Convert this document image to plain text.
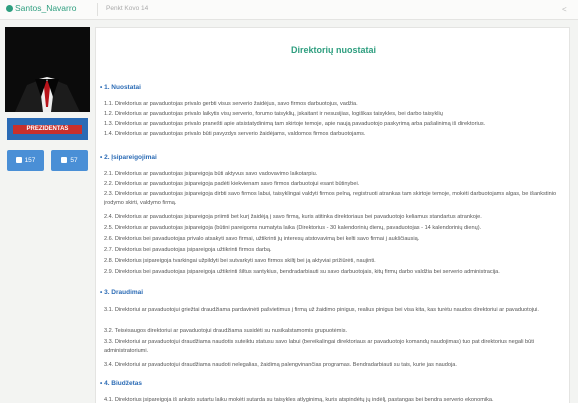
Santos_Navarro	Penkt Kovo 14	<
PREZIDENTAS
157	57
Direktorių nuostatai
• 1. Nuostatai
1.1. Direktorius ar pavaduotojas privalo gerbti visus serverio žaidėjus, savo firmos darbuotojus, vadžia.
1.2. Direktorius ar pavaduotojas privalo laikytis visų serverio, forumo taisyklių, įskaitant ir nesusijias, logiškas taisykles, bei darbo taisyklių
1.3. Direktorius ar pavaduotojas privalo pranešti apie atsistatydinimą tam skirtoje temoje, apie naują pavaduotojo paskyrimą arba pašalinimą iš direktorius.
1.4. Direktorius ar pavaduotojas privalo būti pavyzdys serverio žaidėjams, valdomos firmos darbuotojams.
• 2. Įsipareigojimai
2.1. Direktorius ar pavaduotojas įsipareigoja būti aktyvus savo vadovavimo laikotarpiu.
2.2. Direktorius ar pavaduotojas įsipareigoja padėti kiekvienam savo firmos darbuotojui esant būtinybei.
2.3. Direktorius ar pavaduotojas įsipareigoja dirbti savo firmos labui, taisyklingai valdyti firmos pelną, registruoti atrankas tam skirtoje temoje, mokėti darbuotojams algas, be išankstinio įrodymo skirti, valdymo firmą.
2.4. Direktorius ar pavaduotojas įsipareigoja priimti bet kurį žaidėją į savo firmą, kuris atitinka direktoriaus bei pavaduotojo keliamus standartus atrankoje.
2.5. Direktorius ar pavaduotojas įsipareigoja (būtini pareigoms numatyta laika (Direktorius - 30 kalendorinių dienų, pavaduotojas - 14 kalendorinių dienų).
2.6. Direktorius bei pavaduotojas privalo atsakyti savo firmai, užtikrinti jų interesų atstovavimą bei kelti savo firmai j aukščiausią.
2.7. Direktorius bei pavaduotojas įsipareigoja užtikrinti firmos darbą.
2.8. Direktorius įsipareigoja tvarkingai užpildyti bei sutvarkyti savo firmos skiltį bei ją aktyviai prižiūrėti, naujinti.
2.9. Direktorius bei pavaduotojas įsipareigoja užtikrinti šiltus santykius, bendradarbiauti su savo darbuotojais, kitų firmų darbo valdžia bei serverio administracija.
• 3. Draudimai
3.1. Direktoriui ar pavaduotojui griežtai draudžiama pardavinėti pašvietimus į firmą už žaidimo pinigus, realius pinigus bei visa kita, kas turėtu naudos direktoriui ar pavaduotojui.
3.2. Teisėsaugos direktoriui ar pavaduotojui draudžiama susidėti su nusikalstamomis grupuotėmis.
3.3. Direktoriui ar pavaduotojui draudžiama naudotis suteiktu statusu savo labui (bereikalingai direktoriaus ar pavaduotojo komandų naudojimas) tuo pat direktorius negali būti administratoriumi.
3.4. Direktoriui ar pavaduotojui draudžiama naudoti nelegalias, žaidimą palengvinančias programas. Bendradarbiauti su tais, kurie jas naudoja.
• 4. Biudžetas
4.1. Direktorius įsipareigoja iš anksto sutartu laiku mokėti sutarda su taisykles atlyginimą, kuris atspindėtų jų indėlį, pastangas bei bendra serverio ekonomika.
